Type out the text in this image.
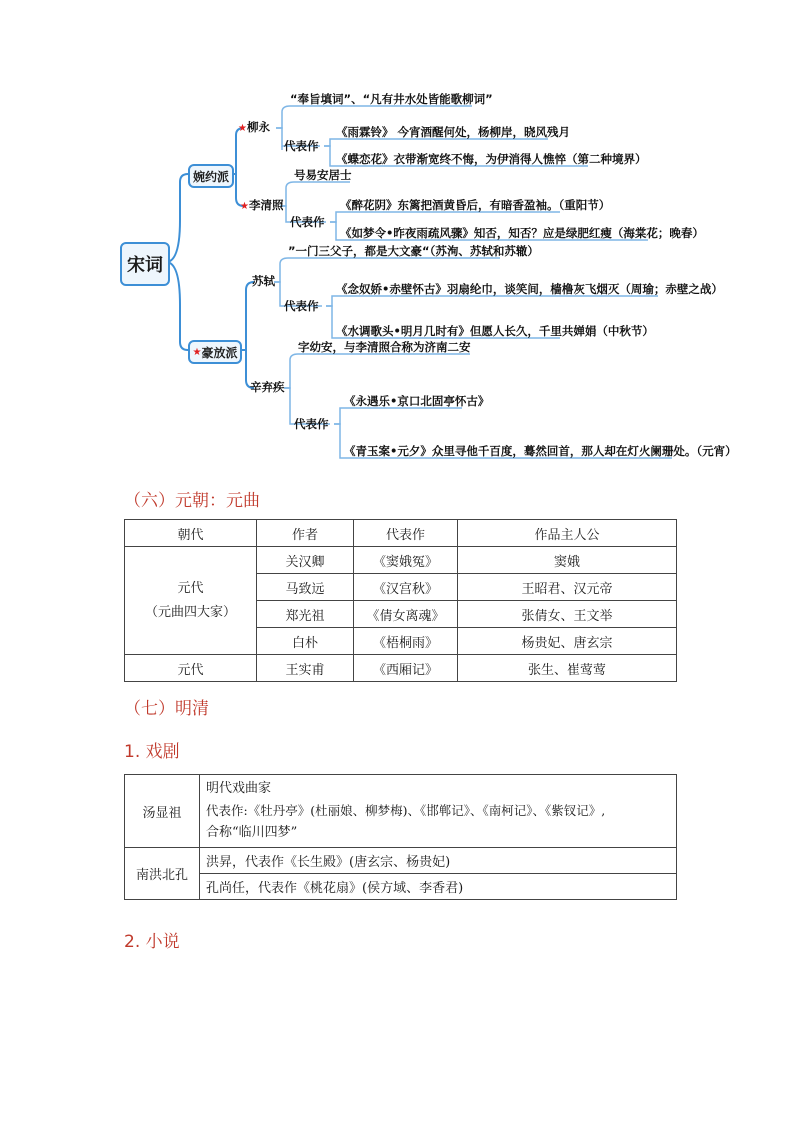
宋词
婉约派
★ 豪放派
★柳永
“奉旨填词”、“凡有井水处皆能歌柳词”
代表作
《雨霖铃》 今宵酒醒何处，杨柳岸，晓风残月
《蝶恋花》衣带渐宽终不悔，为伊消得人憔悴（第二种境界）
★李清照
号易安居士
代表作
《醉花阴》东篱把酒黄昏后，有暗香盈袖。（重阳节）
《如梦令•昨夜雨疏风骤》知否，知否？应是绿肥红瘦（海棠花；晚春）
苏轼
”一门三父子，都是大文豪“（苏洵、苏轼和苏辙）
代表作
《念奴娇•赤壁怀古》羽扇纶巾，谈笑间，樯橹灰飞烟灭（周瑜；赤壁之战）
《水调歌头•明月几时有》但愿人长久，千里共婵娟（中秋节）
辛弃疾
字幼安，与李清照合称为济南二安
代表作
《永遇乐•京口北固亭怀古》
《青玉案•元夕》众里寻他千百度，蓦然回首，那人却在灯火阑珊处。（元宵）
（六）元朝：元曲
朝代	作者	代表作	作品主人公

元代
（元曲四大家）	关汉卿	《窦娥冤》	窦娥
	马致远	《汉宫秋》	王昭君、汉元帝
	郑光祖	《倩女离魂》	张倩女、王文举
	白朴	《梧桐雨》	杨贵妃、唐玄宗
元代	王实甫	《西厢记》	张生、崔莺莺
（七）明清
1. 戏剧
汤显祖	明代戏曲家
代表作:《牡丹亭》(杜丽娘、柳梦梅)、《邯郸记》、《南柯记》、《紫钗记》,
合称“临川四梦”

南洪北孔	洪昇，代表作《长生殿》(唐玄宗、杨贵妃)
	孔尚任，代表作《桃花扇》(侯方域、李香君)
2. 小说
